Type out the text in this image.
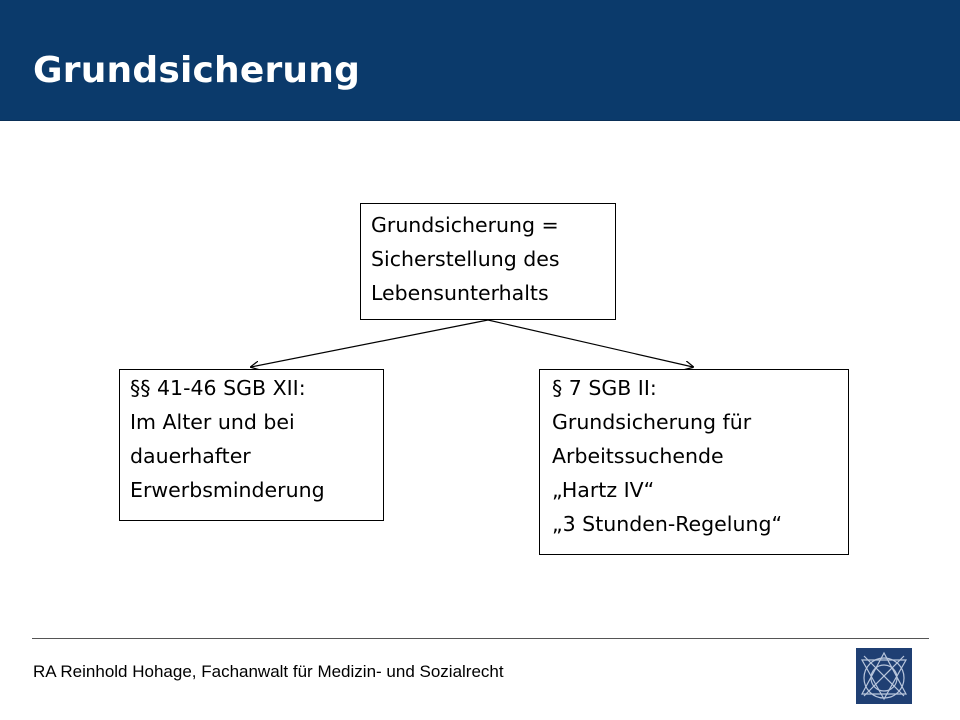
Grundsicherung
Grundsicherung =
Sicherstellung des
Lebensunterhalts
§§ 41-46 SGB XII:
Im Alter und bei
dauerhafter
Erwerbsminderung
§ 7 SGB II:
Grundsicherung für
Arbeitssuchende
„Hartz IV“
„3 Stunden-Regelung“
RA Reinhold Hohage, Fachanwalt für Medizin- und Sozialrecht
